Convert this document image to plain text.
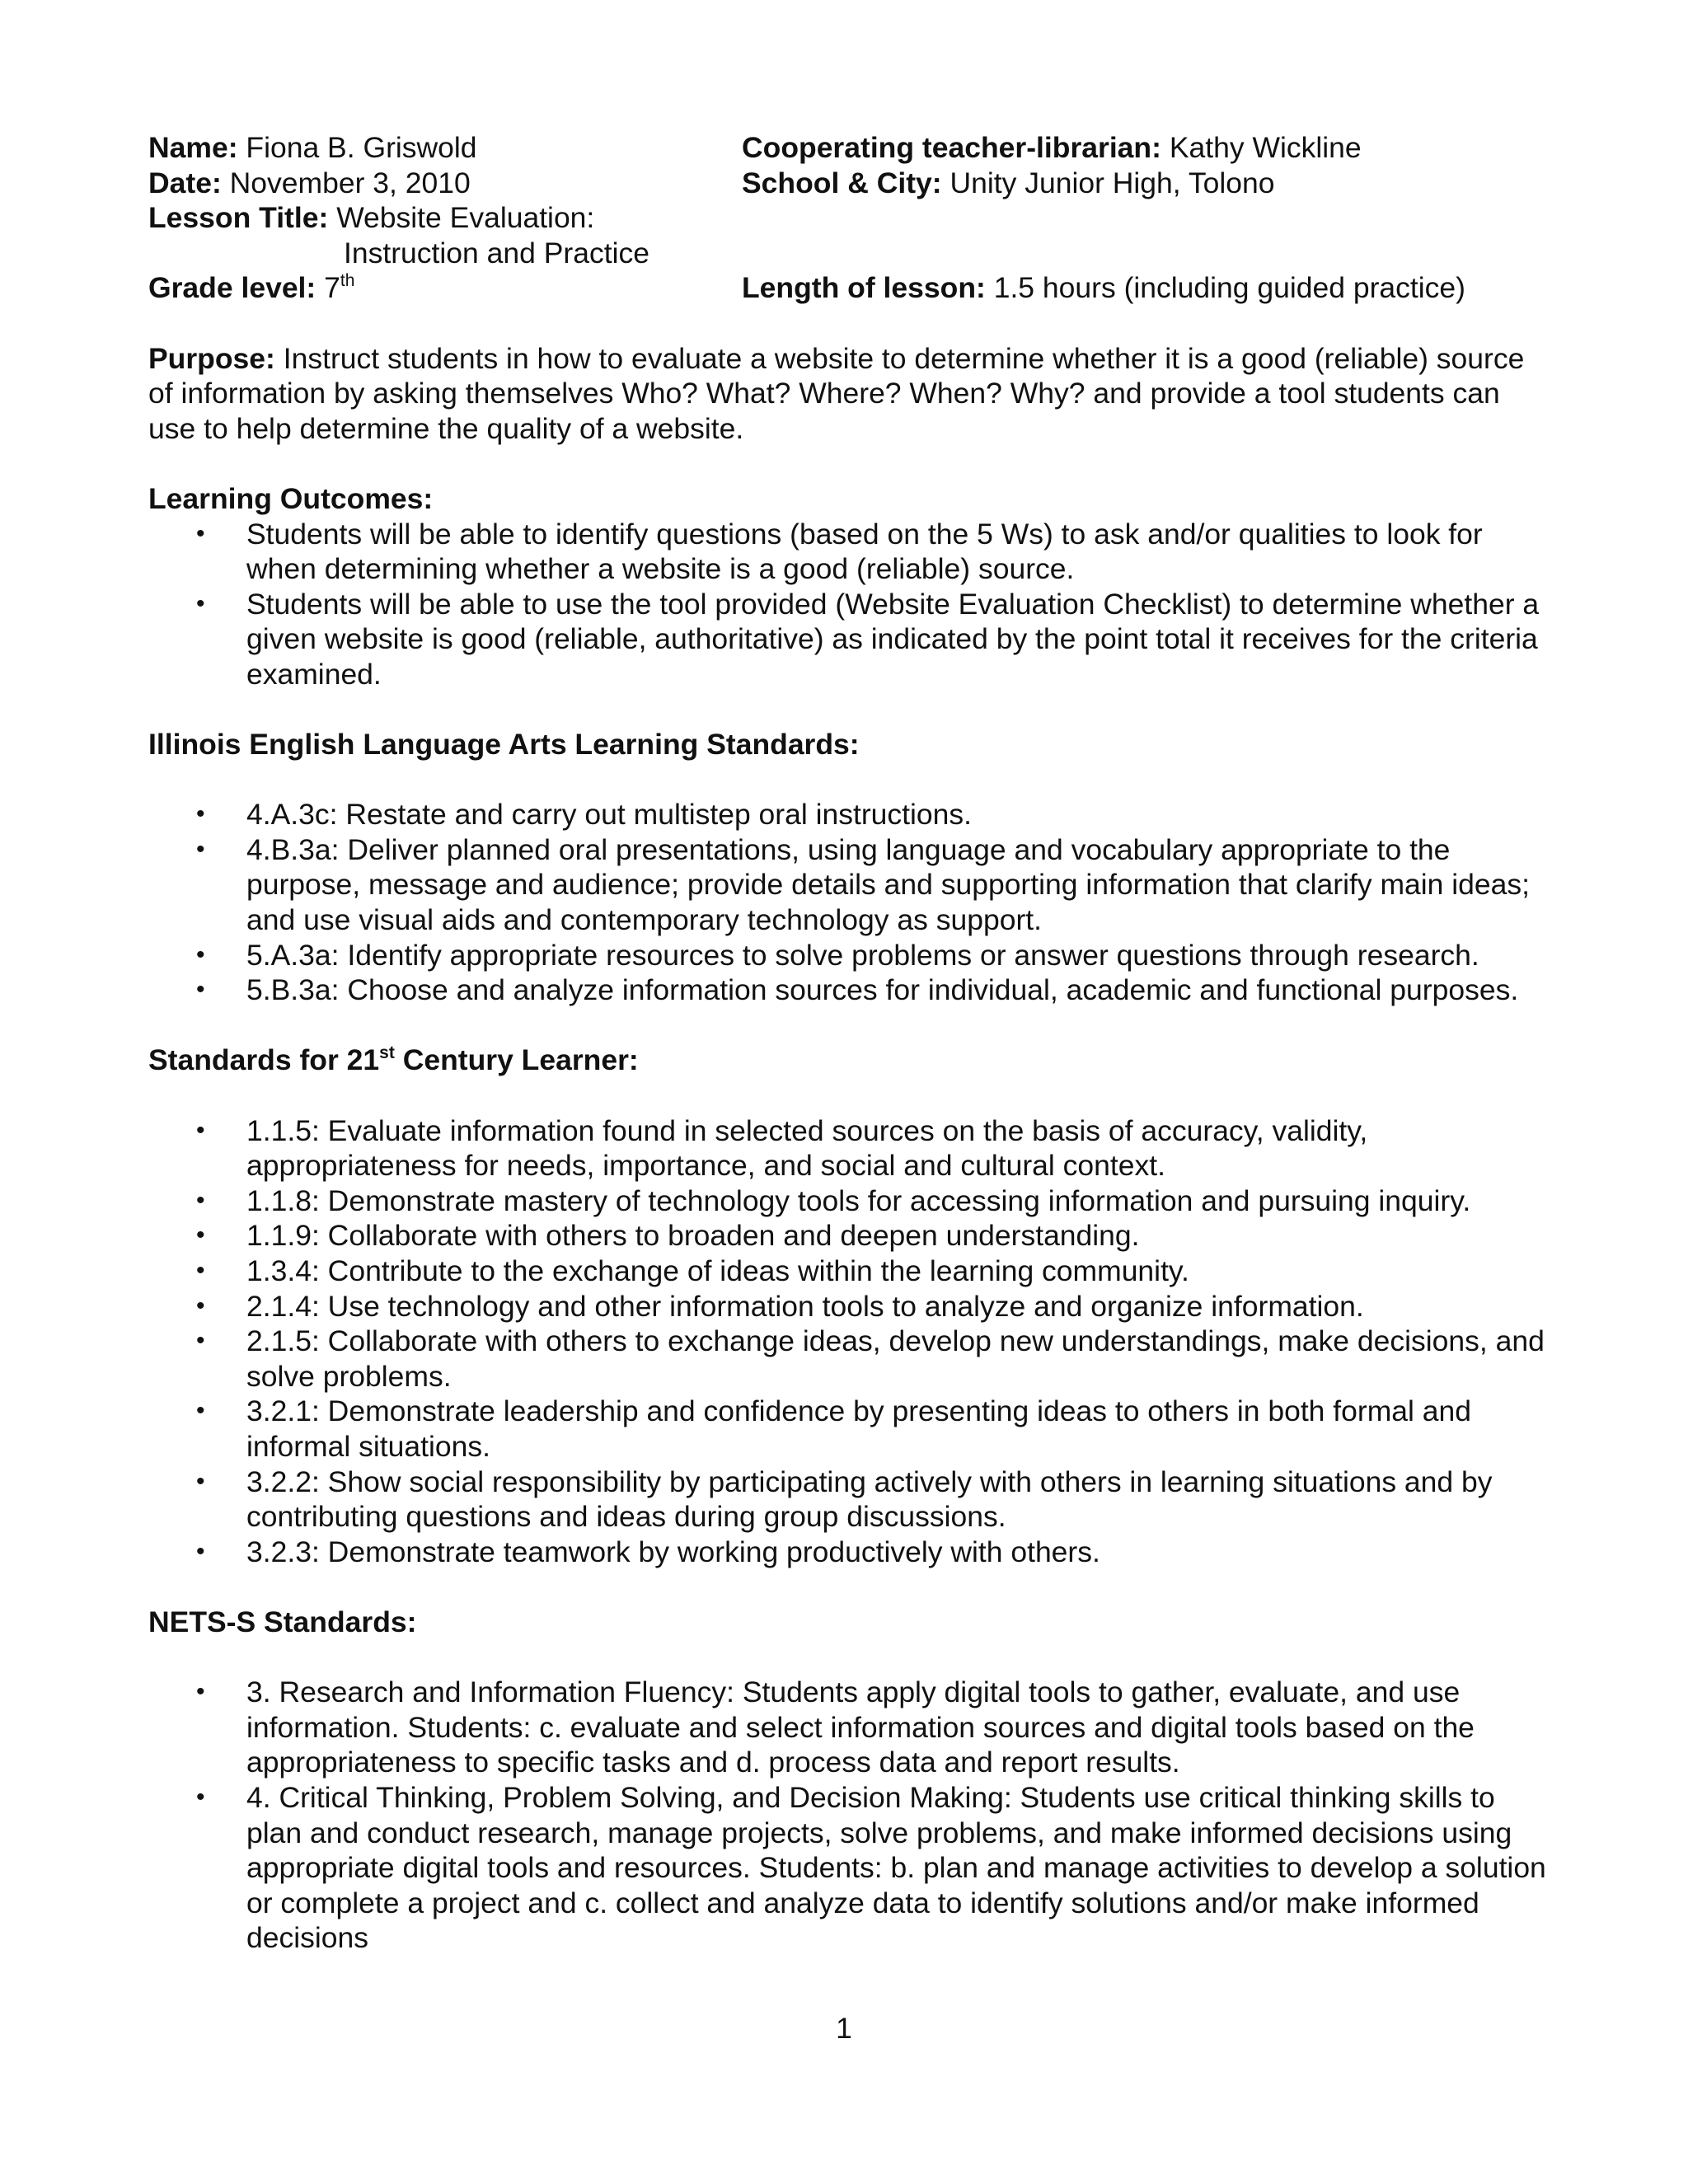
Name: Fiona B. Griswold	Cooperating teacher-librarian: Kathy Wickline
Date: November 3, 2010	School & City: Unity Junior High, Tolono
Lesson Title: Website Evaluation:
Instruction and Practice
Grade level: 7th	Length of lesson: 1.5 hours (including guided practice)
Purpose: Instruct students in how to evaluate a website to determine whether it is a good (reliable) source of information by asking themselves Who? What? Where? When? Why? and provide a tool students can use to help determine the quality of a website.
Learning Outcomes:
• Students will be able to identify questions (based on the 5 Ws) to ask and/or qualities to look for when determining whether a website is a good (reliable) source.
• Students will be able to use the tool provided (Website Evaluation Checklist) to determine whether a given website is good (reliable, authoritative) as indicated by the point total it receives for the criteria examined.
Illinois English Language Arts Learning Standards:
• 4.A.3c: Restate and carry out multistep oral instructions.
• 4.B.3a: Deliver planned oral presentations, using language and vocabulary appropriate to the purpose, message and audience; provide details and supporting information that clarify main ideas; and use visual aids and contemporary technology as support.
• 5.A.3a: Identify appropriate resources to solve problems or answer questions through research.
• 5.B.3a: Choose and analyze information sources for individual, academic and functional purposes.
Standards for 21st Century Learner:
• 1.1.5: Evaluate information found in selected sources on the basis of accuracy, validity, appropriateness for needs, importance, and social and cultural context.
• 1.1.8: Demonstrate mastery of technology tools for accessing information and pursuing inquiry.
• 1.1.9: Collaborate with others to broaden and deepen understanding.
• 1.3.4: Contribute to the exchange of ideas within the learning community.
• 2.1.4: Use technology and other information tools to analyze and organize information.
• 2.1.5: Collaborate with others to exchange ideas, develop new understandings, make decisions, and solve problems.
• 3.2.1: Demonstrate leadership and confidence by presenting ideas to others in both formal and informal situations.
• 3.2.2: Show social responsibility by participating actively with others in learning situations and by contributing questions and ideas during group discussions.
• 3.2.3: Demonstrate teamwork by working productively with others.
NETS-S Standards:
• 3. Research and Information Fluency: Students apply digital tools to gather, evaluate, and use information. Students: c. evaluate and select information sources and digital tools based on the appropriateness to specific tasks and d. process data and report results.
• 4. Critical Thinking, Problem Solving, and Decision Making: Students use critical thinking skills to plan and conduct research, manage projects, solve problems, and make informed decisions using appropriate digital tools and resources. Students: b. plan and manage activities to develop a solution or complete a project and c. collect and analyze data to identify solutions and/or make informed decisions
1
